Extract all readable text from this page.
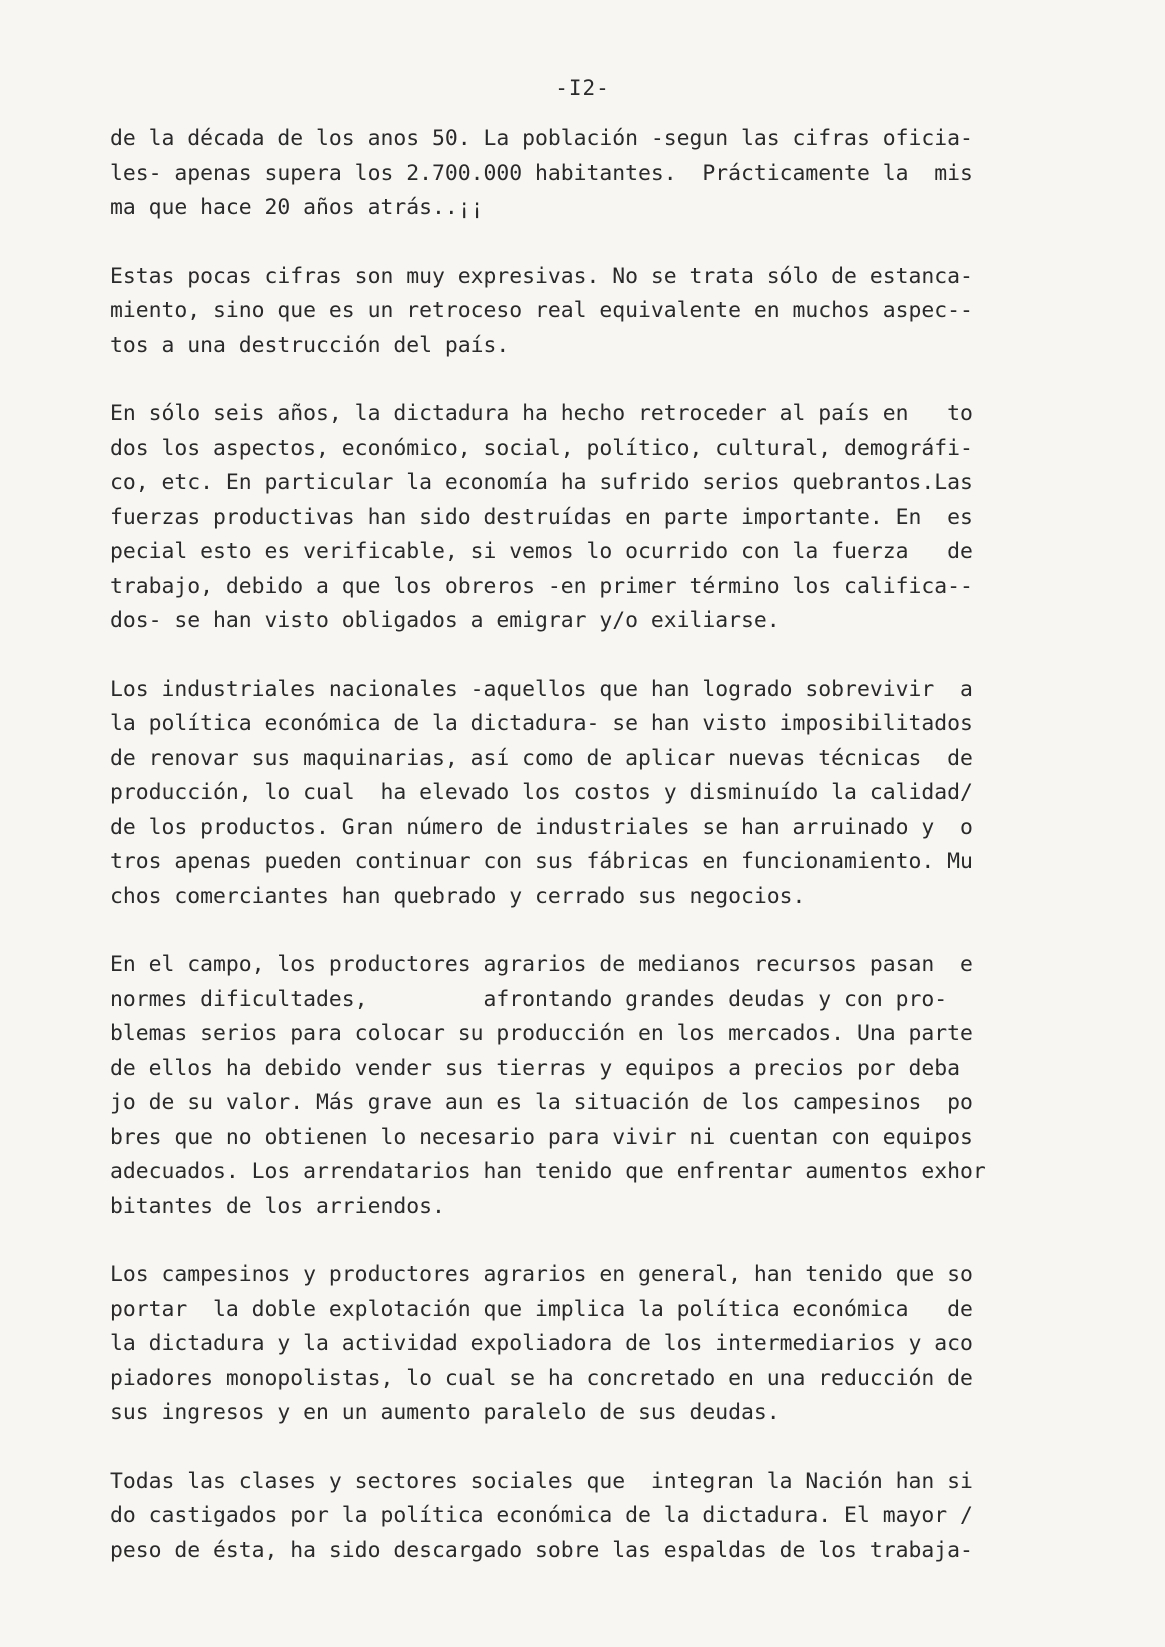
-I2-
de la década de los anos 50. La población -segun las cifras oficia-
les- apenas supera los 2.700.000 habitantes.  Prácticamente la  mis
ma que hace 20 años atrás..¡¡
Estas pocas cifras son muy expresivas. No se trata sólo de estanca-
miento, sino que es un retroceso real equivalente en muchos aspec--
tos a una destrucción del país.
En sólo seis años, la dictadura ha hecho retroceder al país en   to
dos los aspectos, económico, social, político, cultural, demográfi-
co, etc. En particular la economía ha sufrido serios quebrantos.Las
fuerzas productivas han sido destruídas en parte importante. En  es
pecial esto es verificable, si vemos lo ocurrido con la fuerza   de
trabajo, debido a que los obreros -en primer término los califica--
dos- se han visto obligados a emigrar y/o exiliarse.
Los industriales nacionales -aquellos que han logrado sobrevivir  a
la política económica de la dictadura- se han visto imposibilitados
de renovar sus maquinarias, así como de aplicar nuevas técnicas  de
producción, lo cual  ha elevado los costos y disminuído la calidad/
de los productos. Gran número de industriales se han arruinado y  o
tros apenas pueden continuar con sus fábricas en funcionamiento. Mu
chos comerciantes han quebrado y cerrado sus negocios.
En el campo, los productores agrarios de medianos recursos pasan  e
normes dificultades,         afrontando grandes deudas y con pro-
blemas serios para colocar su producción en los mercados. Una parte
de ellos ha debido vender sus tierras y equipos a precios por deba
jo de su valor. Más grave aun es la situación de los campesinos  po
bres que no obtienen lo necesario para vivir ni cuentan con equipos
adecuados. Los arrendatarios han tenido que enfrentar aumentos exhor
bitantes de los arriendos.
Los campesinos y productores agrarios en general, han tenido que so
portar  la doble explotación que implica la política económica   de
la dictadura y la actividad expoliadora de los intermediarios y aco
piadores monopolistas, lo cual se ha concretado en una reducción de
sus ingresos y en un aumento paralelo de sus deudas.
Todas las clases y sectores sociales que  integran la Nación han si
do castigados por la política económica de la dictadura. El mayor /
peso de ésta, ha sido descargado sobre las espaldas de los trabaja-
